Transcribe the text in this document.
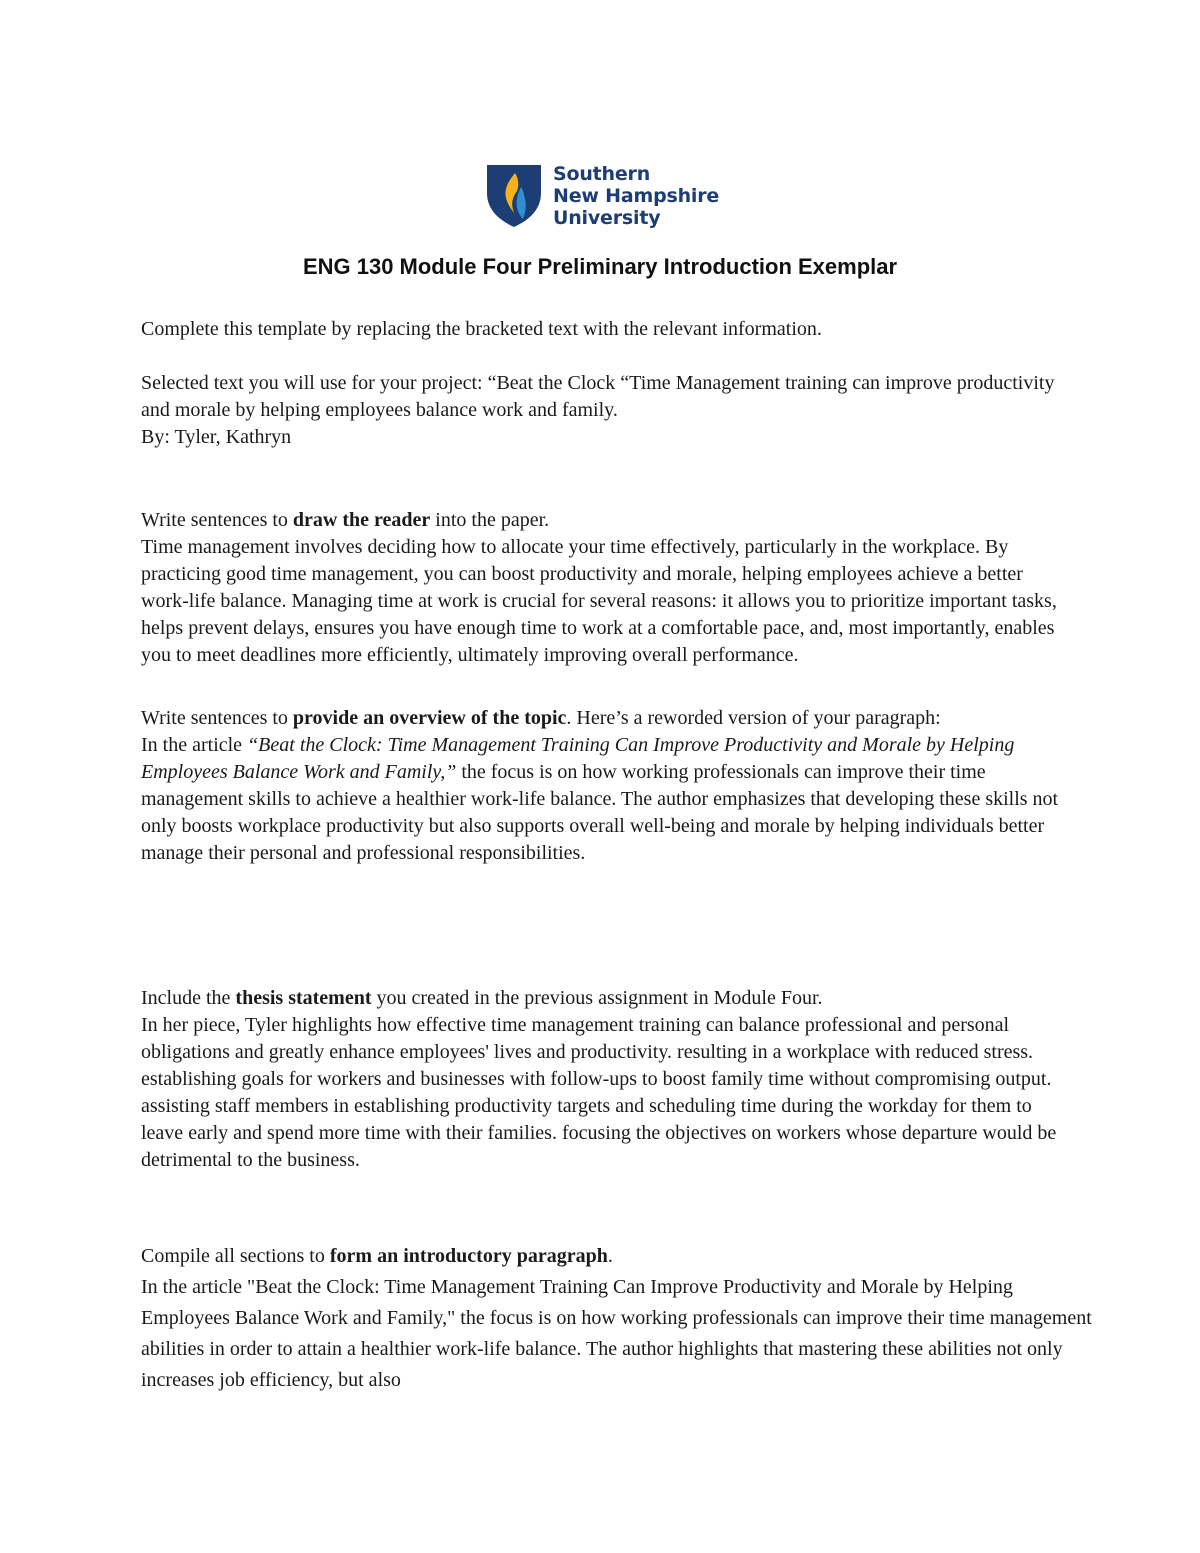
Southern
New Hampshire
University
ENG 130 Module Four Preliminary Introduction Exemplar

Complete this template by replacing the bracketed text with the relevant information.

Selected text you will use for your project: “Beat the Clock “Time Management training can improve productivity and morale by helping employees balance work and family.
By: Tyler, Kathryn
Write sentences to draw the reader into the paper.
Time management involves deciding how to allocate your time effectively, particularly in the workplace. By practicing good time management, you can boost productivity and morale, helping employees achieve a better work-life balance. Managing time at work is crucial for several reasons: it allows you to prioritize important tasks, helps prevent delays, ensures you have enough time to work at a comfortable pace, and, most importantly, enables you to meet deadlines more efficiently, ultimately improving overall performance.
Write sentences to provide an overview of the topic. Here’s a reworded version of your paragraph:
In the article “Beat the Clock: Time Management Training Can Improve Productivity and Morale by Helping Employees Balance Work and Family,” the focus is on how working professionals can improve their time management skills to achieve a healthier work-life balance. The author emphasizes that developing these skills not only boosts workplace productivity but also supports overall well-being and morale by helping individuals better manage their personal and professional responsibilities.
Include the thesis statement you created in the previous assignment in Module Four.
In her piece, Tyler highlights how effective time management training can balance professional and personal obligations and greatly enhance employees' lives and productivity. resulting in a workplace with reduced stress. establishing goals for workers and businesses with follow-ups to boost family time without compromising output. assisting staff members in establishing productivity targets and scheduling time during the workday for them to leave early and spend more time with their families. focusing the objectives on workers whose departure would be detrimental to the business.
Compile all sections to form an introductory paragraph.
In the article "Beat the Clock: Time Management Training Can Improve Productivity and Morale by Helping Employees Balance Work and Family," the focus is on how working professionals can improve their time management abilities in order to attain a healthier work-life balance. The author highlights that mastering these abilities not only increases job efficiency, but also
